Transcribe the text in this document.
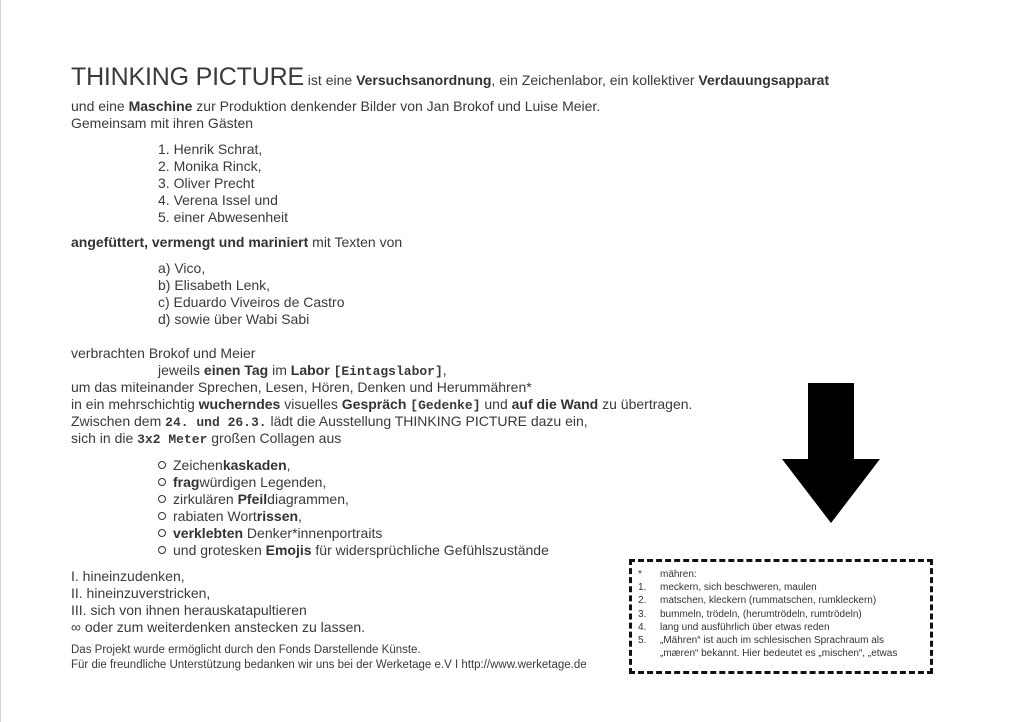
THINKING PICTURE ist eine Versuchsanordnung, ein Zeichenlabor, ein kollektiver Verdauungsapparat
und eine Maschine zur Produktion denkender Bilder von Jan Brokof und Luise Meier.
Gemeinsam mit ihren Gästen
1. Henrik Schrat,
2. Monika Rinck,
3. Oliver Precht
4. Verena Issel und
5. einer Abwesenheit
angefüttert, vermengt und mariniert mit Texten von
a) Vico,
b) Elisabeth Lenk,
c) Eduardo Viveiros de Castro
d) sowie über Wabi Sabi
verbrachten Brokof und Meier
jeweils einen Tag im Labor [Eintagslabor],
um das miteinander Sprechen, Lesen, Hören, Denken und Herummähren*
in ein mehrschichtig wucherndes visuelles Gespräch [Gedenke] und auf die Wand zu übertragen.
Zwischen dem 24. und 26.3. lädt die Ausstellung THINKING PICTURE dazu ein,
sich in die 3x2 Meter großen Collagen aus
Zeichenkaskaden,
fragwürdigen Legenden,
zirkulären Pfeildiagrammen,
rabiaten Wortrissen,
verklebten Denker*innenportraits
und grotesken Emojis für widersprüchliche Gefühlszustände
I. hineinzudenken,
II. hineinzuverstricken,
III. sich von ihnen herauskatapultieren
∞ oder zum weiterdenken anstecken zu lassen.
Das Projekt wurde ermöglicht durch den Fonds Darstellende Künste.
Für die freundliche Unterstützung bedanken wir uns bei der Werketage e.V I http://www.werketage.de
*	mähren:
1.	meckern, sich beschweren, maulen
2.	matschen, kleckern (rummatschen, rumkleckern)
3.	bummeln, trödeln, (herumtrödeln, rumtrödeln)
4.	lang und ausführlich über etwas reden
5.	„Mähren“ ist auch im schlesischen Sprachraum als
„mæren“ bekannt. Hier bedeutet es „mischen“, „etwas
